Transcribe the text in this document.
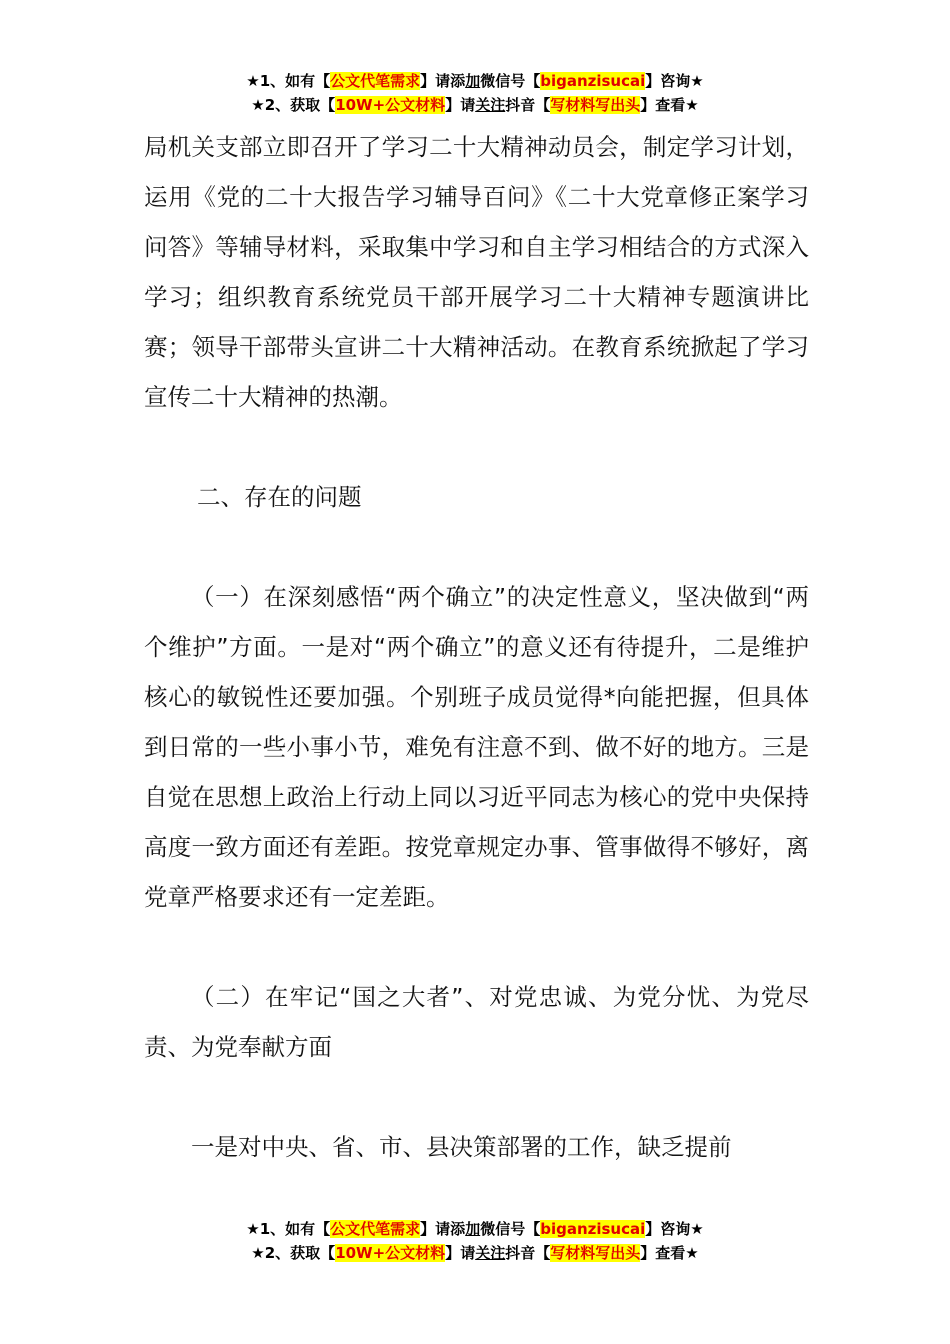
★1、如有【公文代笔需求】请添加微信号【biganzisucai】咨询★
★2、获取【10W+公文材料】请关注抖音【写材料写出头】查看★

局机关支部立即召开了学习二十大精神动员会，制定学习计划，运用《党的二十大报告学习辅导百问》《二十大党章修正案学习问答》等辅导材料，采取集中学习和自主学习相结合的方式深入学习；组织教育系统党员干部开展学习二十大精神专题演讲比赛；领导干部带头宣讲二十大精神活动。在教育系统掀起了学习宣传二十大精神的热潮。

二、存在的问题

（一）在深刻感悟“两个确立”的决定性意义，坚决做到“两个维护”方面。一是对“两个确立”的意义还有待提升，二是维护核心的敏锐性还要加强。个别班子成员觉得*向能把握，但具体到日常的一些小事小节，难免有注意不到、做不好的地方。三是自觉在思想上政治上行动上同以习近平同志为核心的党中央保持高度一致方面还有差距。按党章规定办事、管事做得不够好，离党章严格要求还有一定差距。

（二）在牢记“国之大者”、对党忠诚、为党分忧、为党尽责、为党奉献方面

一是对中央、省、市、县决策部署的工作，缺乏提前

★1、如有【公文代笔需求】请添加微信号【biganzisucai】咨询★
★2、获取【10W+公文材料】请关注抖音【写材料写出头】查看★
